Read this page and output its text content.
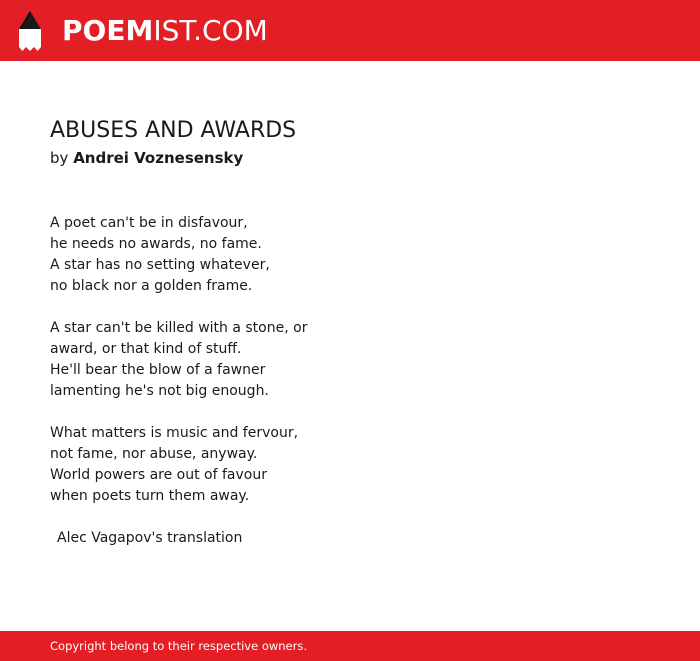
POEMIST.COM
ABUSES AND AWARDS
by Andrei Voznesensky
A poet can't be in disfavour,
he needs no awards, no fame.
A star has no setting whatever,
no black nor a golden frame.
A star can't be killed with a stone, or
award, or that kind of stuff.
He'll bear the blow of a fawner
lamenting he's not big enough.
What matters is music and fervour,
not fame, nor abuse, anyway.
World powers are out of favour
when poets turn them away.
Alec Vagapov's translation
Copyright belong to their respective owners.
